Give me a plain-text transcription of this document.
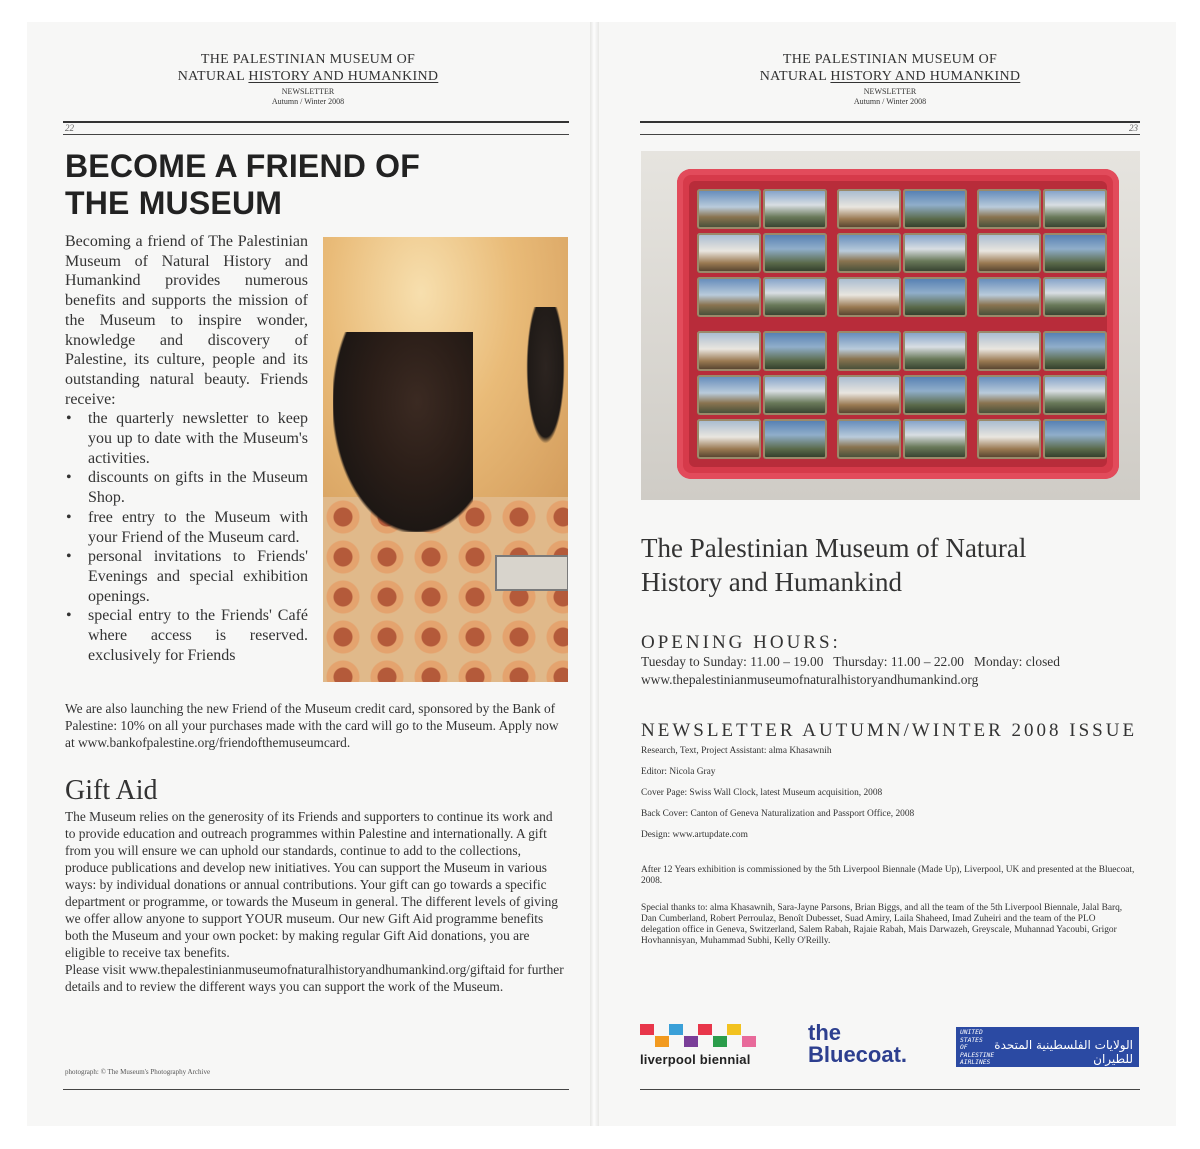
THE PALESTINIAN MUSEUM OF
NATURAL HISTORY AND HUMANKIND
NEWSLETTER
Autumn / Winter 2008
22
BECOME A FRIEND OF
THE MUSEUM
Becoming a friend of The Palestinian Museum of Natural History and Humankind provides numerous benefits and supports the mission of the Museum to inspire wonder, knowledge and discovery of Palestine, its culture, people and its outstanding natural beauty. Friends receive:
• the quarterly newsletter to keep you up to date with the Museum's activities.
• discounts on gifts in the Museum Shop.
• free entry to the Museum with your Friend of the Museum card.
• personal invitations to Friends' Evenings and special exhibition openings.
• special entry to the Friends' Café where access is reserved. exclusively for Friends
We are also launching the new Friend of the Museum credit card, sponsored by the Bank of Palestine: 10% on all your purchases made with the card will go to the Museum. Apply now at www.bankofpalestine.org/friendofthemuseumcard.
Gift Aid
The Museum relies on the generosity of its Friends and supporters to continue its work and to provide education and outreach programmes within Palestine and internationally. A gift from you will ensure we can uphold our standards, continue to add to the collections, produce publications and develop new initiatives. You can support the Museum in various ways: by individual donations or annual contributions. Your gift can go towards a specific department or programme, or towards the Museum in general. The different levels of giving we offer allow anyone to support YOUR museum. Our new Gift Aid programme benefits both the Museum and your own pocket: by making regular Gift Aid donations, you are eligible to receive tax benefits.
Please visit www.thepalestinianmuseumofnaturalhistoryandhumankind.org/giftaid for further details and to review the different ways you can support the work of the Museum.
photograph: © The Museum's Photography Archive
THE PALESTINIAN MUSEUM OF
NATURAL HISTORY AND HUMANKIND
NEWSLETTER
Autumn / Winter 2008
23
The Palestinian Museum of Natural
History and Humankind
OPENING HOURS:
Tuesday to Sunday: 11.00 – 19.00   Thursday: 11.00 – 22.00   Monday: closed
www.thepalestinianmuseumofnaturalhistoryandhumankind.org
NEWSLETTER AUTUMN/WINTER 2008 ISSUE
Research, Text, Project Assistant: alma Khasawnih
Editor: Nicola Gray
Cover Page: Swiss Wall Clock, latest Museum acquisition, 2008
Back Cover: Canton of Geneva Naturalization and Passport Office, 2008
Design: www.artupdate.com
After 12 Years exhibition is commissioned by the 5th Liverpool Biennale (Made Up), Liverpool, UK and presented at the Bluecoat, 2008.
Special thanks to: alma Khasawnih, Sara-Jayne Parsons, Brian Biggs, and all the team of the 5th Liverpool Biennale, Jalal Barq, Dan Cumberland, Robert Perroulaz, Benoît Dubesset, Suad Amiry, Laila Shaheed, Imad Zuheiri and the team of the PLO delegation office in Geneva, Switzerland, Salem Rabah, Rajaie Rabah, Mais Darwazeh, Greyscale, Muhannad Yacoubi, Grigor Hovhannisyan, Muhammad Subhi, Kelly O'Reilly.
liverpool biennial
the
Bluecoat.
UNITED
STATES
OF
PALESTINE
AIRLINES
الولايات الفلسطينية المتحدة للطيران
